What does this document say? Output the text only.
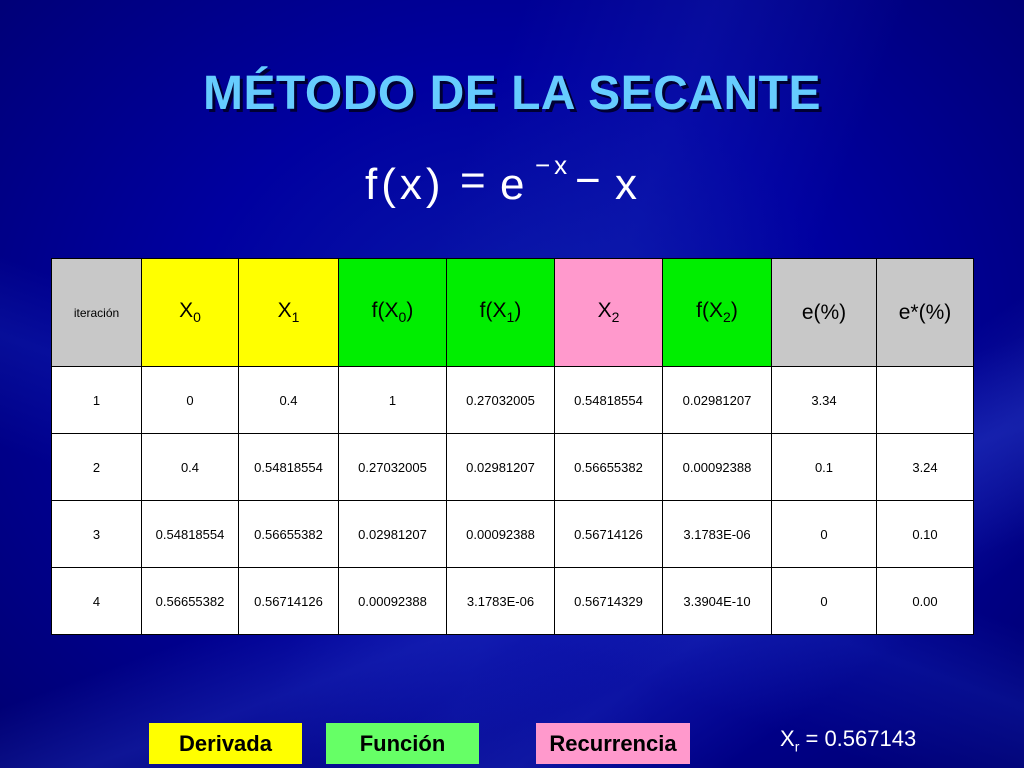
MÉTODO DE LA SECANTE
f(x) = e −x − x
iteración	$X_0$	$X_1$	$f(X_0)$	$f(X_1)$	$X_2$	$f(X_2)$	e(%)	e*(%)
1	0	0.4	1	0.27032005	0.54818554	0.02981207	3.34	
2	0.4	0.54818554	0.27032005	0.02981207	0.56655382	0.00092388	0.1	3.24
3	0.54818554	0.56655382	0.02981207	0.00092388	0.56714126	3.1783E-06	0	0.10
4	0.56655382	0.56714126	0.00092388	3.1783E-06	0.56714329	3.3904E-10	0	0.00
Derivada	Función	Recurrencia	$X_r = 0.567143$
